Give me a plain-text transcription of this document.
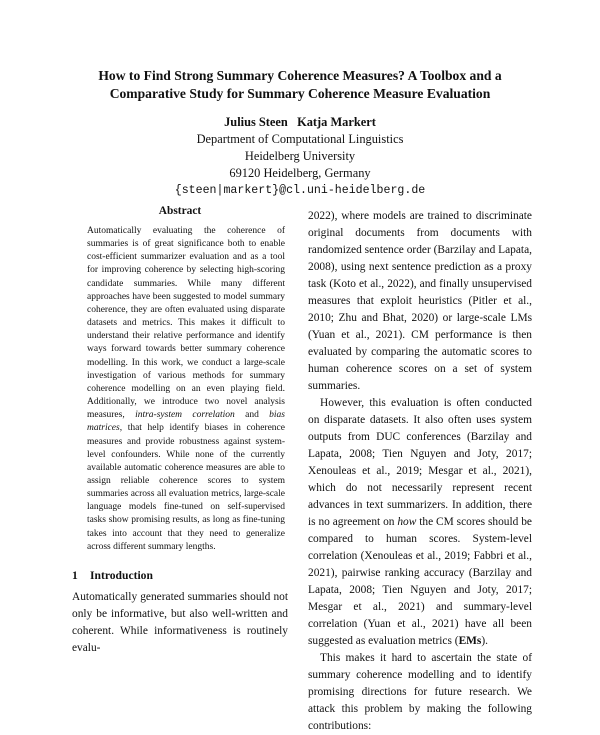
How to Find Strong Summary Coherence Measures? A Toolbox and a
Comparative Study for Summary Coherence Measure Evaluation
Julius Steen   Katja Markert
Department of Computational Linguistics
Heidelberg University
69120 Heidelberg, Germany
{steen|markert}@cl.uni-heidelberg.de
Abstract
Automatically evaluating the coherence of summaries is of great significance both to enable cost-efficient summarizer evaluation and as a tool for improving coherence by selecting high-scoring candidate summaries. While many different approaches have been suggested to model summary coherence, they are often evaluated using disparate datasets and metrics. This makes it difficult to understand their relative performance and identify ways forward towards better summary coherence modelling. In this work, we conduct a large-scale investigation of various methods for summary coherence modelling on an even playing field. Additionally, we introduce two novel analysis measures, intra-system correlation and bias matrices, that help identify biases in coherence measures and provide robustness against system-level confounders. While none of the currently available automatic coherence measures are able to assign reliable coherence scores to system summaries across all evaluation metrics, large-scale language models fine-tuned on self-supervised tasks show promising results, as long as fine-tuning takes into account that they need to generalize across different summary lengths.
1 Introduction

Automatically generated summaries should not only be informative, but also well-written and coherent. While informativeness is routinely evalu-

2022), where models are trained to discriminate original documents from documents with randomized sentence order (Barzilay and Lapata, 2008), using next sentence prediction as a proxy task (Koto et al., 2022), and finally unsupervised measures that exploit heuristics (Pitler et al., 2010; Zhu and Bhat, 2020) or large-scale LMs (Yuan et al., 2021). CM performance is then evaluated by comparing the automatic scores to human coherence scores on a set of system summaries.

However, this evaluation is often conducted on disparate datasets. It also often uses system outputs from DUC conferences (Barzilay and Lapata, 2008; Tien Nguyen and Joty, 2017; Xenouleas et al., 2019; Mesgar et al., 2021), which do not necessarily represent recent advances in text summarizers. In addition, there is no agreement on how the CM scores should be compared to human scores. System-level correlation (Xenouleas et al., 2019; Fabbri et al., 2021), pairwise ranking accuracy (Barzilay and Lapata, 2008; Tien Nguyen and Joty, 2017; Mesgar et al., 2021) and summary-level correlation (Yuan et al., 2021) have all been suggested as evaluation metrics (EMs).

This makes it hard to ascertain the state of summary coherence modelling and to identify promising directions for future research. We attack this problem by making the following contributions:
